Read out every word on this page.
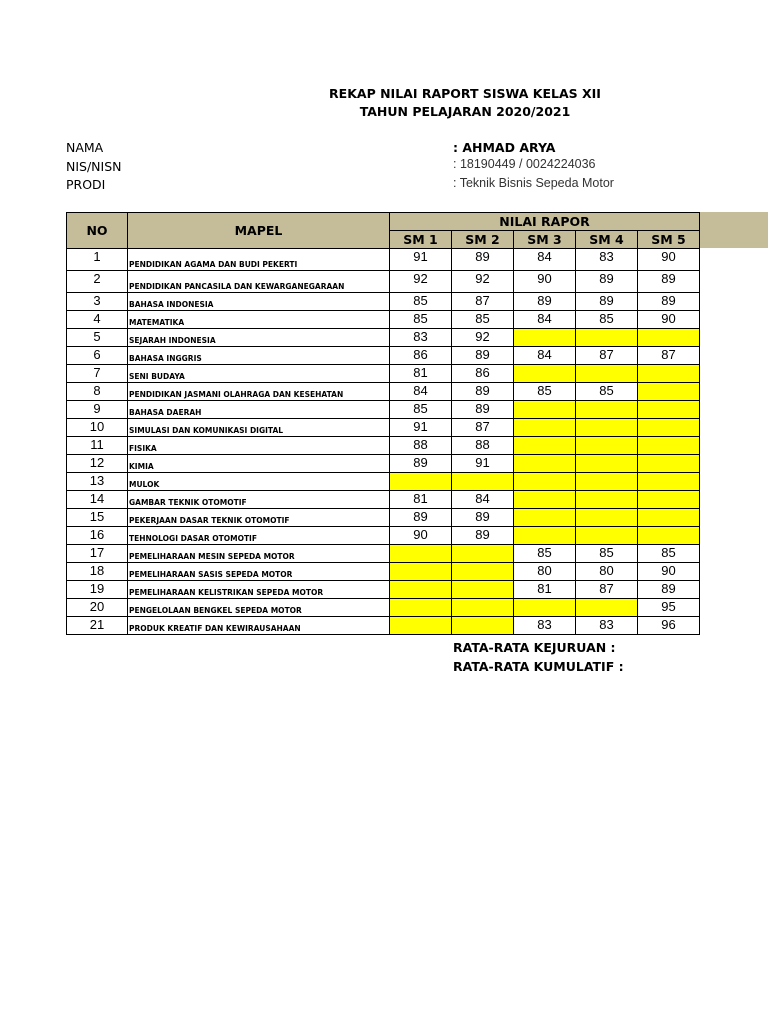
REKAP NILAI RAPORT SISWA KELAS XII
TAHUN PELAJARAN 2020/2021
NAMA	: AHMAD ARYA
NIS/NISN	: 18190449 / 0024224036
PRODI	: Teknik Bisnis Sepeda Motor
NO	MAPEL	NILAI RAPOR				
		SM 1	SM 2	SM 3	SM 4	SM 5
1	PENDIDIKAN AGAMA DAN BUDI PEKERTI	91	89	84	83	90
2	PENDIDIKAN PANCASILA DAN KEWARGANEGARAAN	92	92	90	89	89
3	BAHASA INDONESIA	85	87	89	89	89
4	MATEMATIKA	85	85	84	85	90
5	SEJARAH INDONESIA	83	92			
6	BAHASA INGGRIS	86	89	84	87	87
7	SENI BUDAYA	81	86			
8	PENDIDIKAN JASMANI OLAHRAGA DAN KESEHATAN	84	89	85	85	
9	BAHASA DAERAH	85	89			
10	SIMULASI DAN KOMUNIKASI DIGITAL	91	87			
11	FISIKA	88	88			
12	KIMIA	89	91			
13	MULOK					
14	GAMBAR TEKNIK OTOMOTIF	81	84			
15	PEKERJAAN DASAR TEKNIK OTOMOTIF	89	89			
16	TEHNOLOGI DASAR OTOMOTIF	90	89			
17	PEMELIHARAAN MESIN SEPEDA MOTOR			85	85	85
18	PEMELIHARAAN SASIS SEPEDA MOTOR			80	80	90
19	PEMELIHARAAN KELISTRIKAN SEPEDA MOTOR			81	87	89
20	PENGELOLAAN BENGKEL SEPEDA MOTOR					95
21	PRODUK KREATIF DAN KEWIRAUSAHAAN			83	83	96
RATA-RATA KEJURUAN :
RATA-RATA KUMULATIF :
